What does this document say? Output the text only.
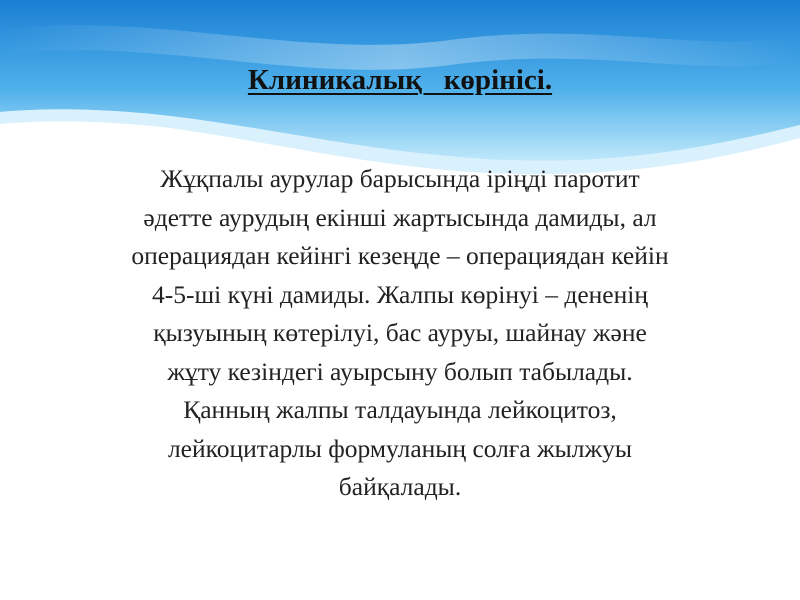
Клиникалық   көрінісі.
Жұқпалы аурулар барысында іріңді паротит
әдетте аурудың екінші жартысында дамиды, ал
операциядан кейінгі кезеңде – операциядан кейін
4-5-ші күні дамиды. Жалпы көрінуі – дененің
қызуының көтерілуі, бас ауруы, шайнау және
жұту кезіндегі ауырсыну болып табылады.
Қанның жалпы талдауында лейкоцитоз,
лейкоцитарлы формуланың солға жылжуы
байқалады.
